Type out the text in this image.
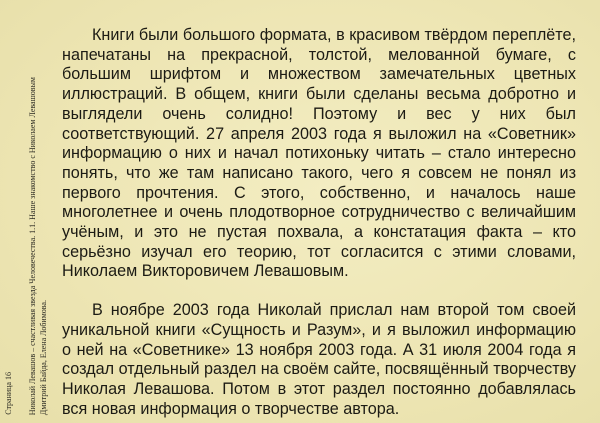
Страница 16 Николай Левашов – счастливая звезда Человечества. 1.1. Наше знакомство с Николаем Левашовым Дмитрий Байда, Елена Лобимова.

Книги были большого формата, в красивом твёрдом переплёте, напечатаны на прекрасной, толстой, мелованной бумаге, с большим шрифтом и множеством замечательных цветных иллюстраций. В общем, книги были сделаны весьма добротно и выглядели очень солидно! Поэтому и вес у них был соответствующий. 27 апреля 2003 года я выложил на «Советник» информацию о них и начал потихоньку читать – стало интересно понять, что же там написано такого, чего я совсем не понял из первого прочтения. С этого, собственно, и началось наше многолетнее и очень плодотворное сотрудничество с величайшим учёным, и это не пустая похвала, а констатация факта – кто серьёзно изучал его теорию, тот согласится с этими словами, Николаем Викторовичем Левашовым.

В ноябре 2003 года Николай прислал нам второй том своей уникальной книги «Сущность и Разум», и я выложил информацию о ней на «Советнике» 13 ноября 2003 года. А 31 июля 2004 года я создал отдельный раздел на своём сайте, посвящённый творчеству Николая Левашова. Потом в этот раздел постоянно добавлялась вся новая информация о творчестве автора.
